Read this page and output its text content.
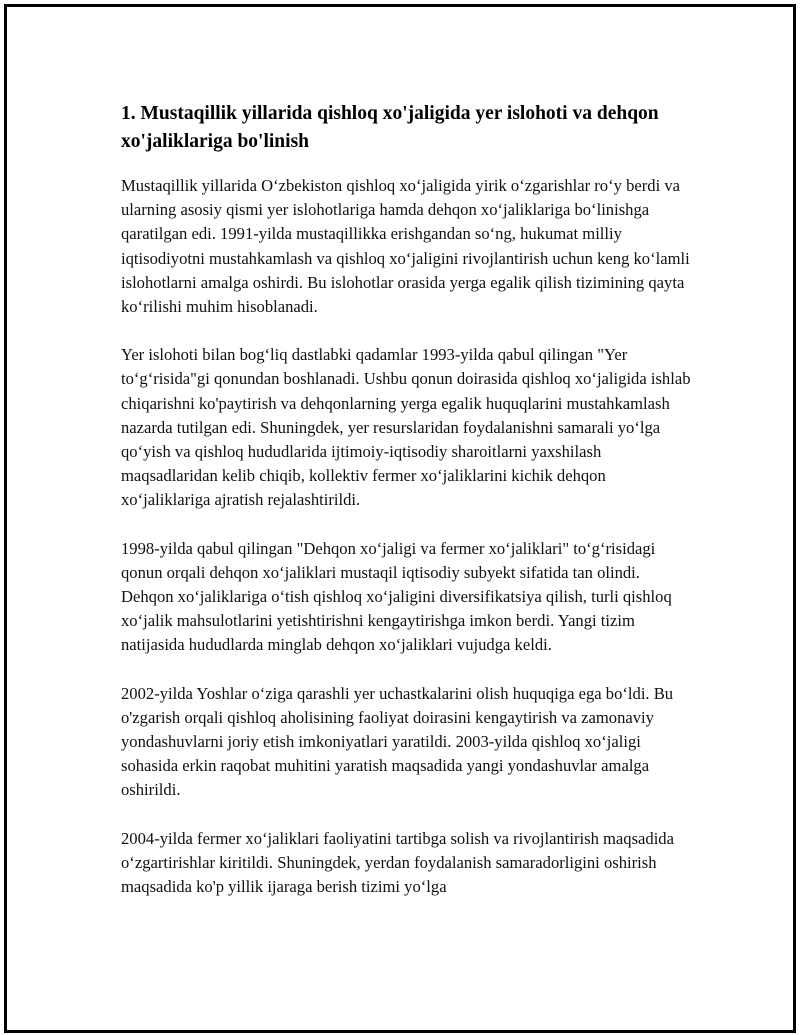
1. Mustaqillik yillarida qishloq xo'jaligida yer islohoti va dehqon xo'jaliklariga bo'linish

Mustaqillik yillarida O‘zbekiston qishloq xo‘jaligida yirik o‘zgarishlar ro‘y berdi va ularning asosiy qismi yer islohotlariga hamda dehqon xo‘jaliklariga bo‘linishga qaratilgan edi. 1991-yilda mustaqillikka erishgandan so‘ng, hukumat milliy iqtisodiyotni mustahkamlash va qishloq xo‘jaligini rivojlantirish uchun keng ko‘lamli islohotlarni amalga oshirdi. Bu islohotlar orasida yerga egalik qilish tizimining qayta ko‘rilishi muhim hisoblanadi.

Yer islohoti bilan bog‘liq dastlabki qadamlar 1993-yilda qabul qilingan "Yer to‘g‘risida"gi qonundan boshlanadi. Ushbu qonun doirasida qishloq xo‘jaligida ishlab chiqarishni ko'paytirish va dehqonlarning yerga egalik huquqlarini mustahkamlash nazarda tutilgan edi. Shuningdek, yer resurslaridan foydalanishni samarali yo‘lga qo‘yish va qishloq hududlarida ijtimoiy-iqtisodiy sharoitlarni yaxshilash maqsadlaridan kelib chiqib, kollektiv fermer xo‘jaliklarini kichik dehqon xo‘jaliklariga ajratish rejalashtirildi.

1998-yilda qabul qilingan "Dehqon xo‘jaligi va fermer xo‘jaliklari" to‘g‘risidagi qonun orqali dehqon xo‘jaliklari mustaqil iqtisodiy subyekt sifatida tan olindi. Dehqon xo‘jaliklariga o‘tish qishloq xo‘jaligini diversifikatsiya qilish, turli qishloq xo‘jalik mahsulotlarini yetishtirishni kengaytirishga imkon berdi. Yangi tizim natijasida hududlarda minglab dehqon xo‘jaliklari vujudga keldi.

2002-yilda Yoshlar o‘ziga qarashli yer uchastkalarini olish huquqiga ega bo‘ldi. Bu o'zgarish orqali qishloq aholisining faoliyat doirasini kengaytirish va zamonaviy yondashuvlarni joriy etish imkoniyatlari yaratildi. 2003-yilda qishloq xo‘jaligi sohasida erkin raqobat muhitini yaratish maqsadida yangi yondashuvlar amalga oshirildi.

2004-yilda fermer xo‘jaliklari faoliyatini tartibga solish va rivojlantirish maqsadida o‘zgartirishlar kiritildi. Shuningdek, yerdan foydalanish samaradorligini oshirish maqsadida ko'p yillik ijaraga berish tizimi yo‘lga
